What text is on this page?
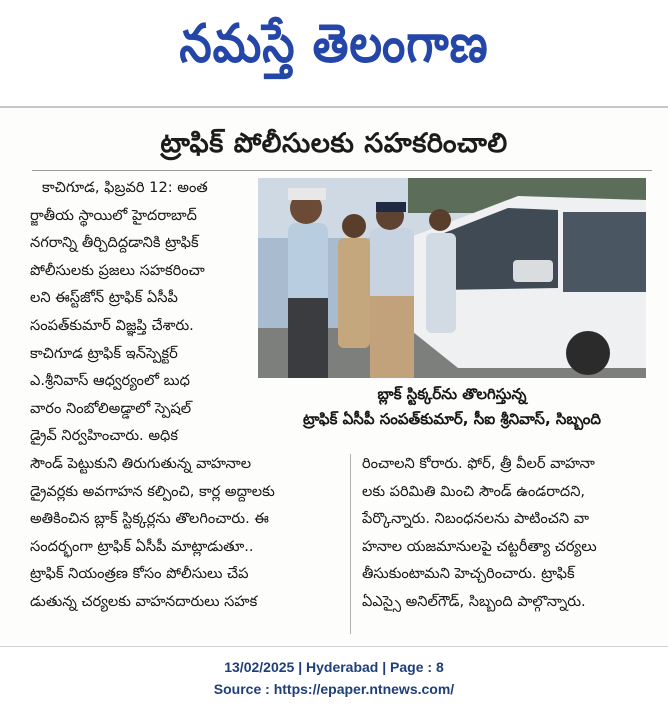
నమస్తే తెలంగాణ
ట్రాఫిక్ పోలీసులకు సహకరించాలి
కాచిగూడ, ఫిబ్రవరి 12: అంత
ర్జాతీయ స్థాయిలో హైదరాబాద్
నగరాన్ని తీర్చిదిద్దడానికి ట్రాఫిక్
పోలీసులకు ప్రజలు సహకరించా
లని ఈస్ట్‌జోన్ ట్రాఫిక్ ఏసీపీ
సంపత్‌కుమార్ విజ్ఞప్తి చేశారు.
కాచిగూడ ట్రాఫిక్ ఇన్‌స్పెక్టర్
ఎ.శ్రీనివాస్ ఆధ్వర్యంలో బుధ
వారం నింబోలిఅడ్డాలో స్పెషల్
డ్రైవ్ నిర్వహించారు. అధిక
బ్లాక్ స్టిక్కర్‌ను తొలగిస్తున్న
ట్రాఫిక్ ఏసీపీ సంపత్‌కుమార్, సీఐ శ్రీనివాస్, సిబ్బంది
సౌండ్ పెట్టుకుని తిరుగుతున్న వాహనాల
డ్రైవర్లకు అవగాహన కల్పించి, కార్ల అద్దాలకు
అతికించిన బ్లాక్ స్టిక్కర్లను తొలగించారు. ఈ
సందర్భంగా ట్రాఫిక్ ఏసీపీ మాట్లాడుతూ..
ట్రాఫిక్ నియంత్రణ కోసం పోలీసులు చేప
డుతున్న చర్యలకు వాహనదారులు సహక
రించాలని కోరారు. ఫోర్, త్రీ వీలర్ వాహనా
లకు పరిమితి మించి సౌండ్ ఉండరాదని,
పేర్కొన్నారు. నిబంధనలను పాటించని వా
హనాల యజమానులపై చట్టరీత్యా చర్యలు
తీసుకుంటామని హెచ్చరించారు. ట్రాఫిక్
ఏఎస్సై అనిల్‌గౌడ్, సిబ్బంది పాల్గొన్నారు.
13/02/2025 | Hyderabad | Page : 8
Source : https://epaper.ntnews.com/
